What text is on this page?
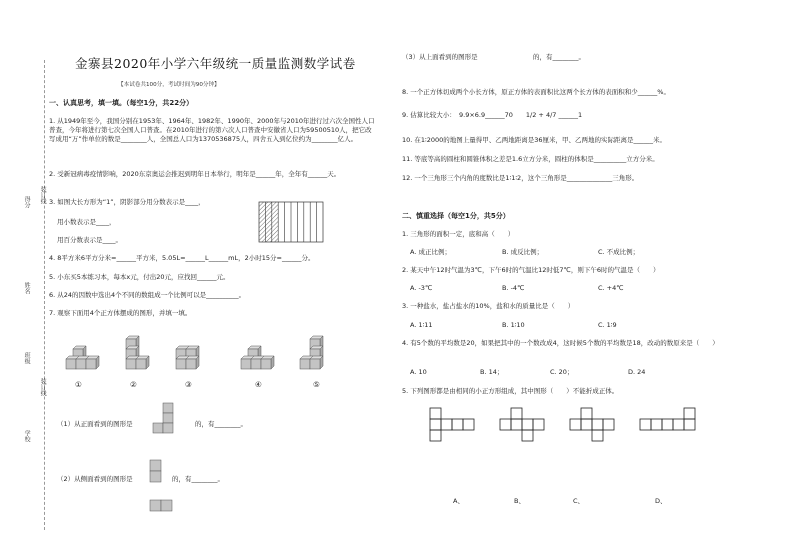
得分
姓名
班级
学校
装订线
装订线
金寨县2020年小学六年级统一质量监测数学试卷
【本试卷共100分，考试时间为90分钟】
一、认真思考，填一填。（每空1分，共22分）
1. 从1949年至今，我国分别在1953年、1964年、1982年、1990年、2000年与2010年进行过六次全国性人口普查，今年将进行第七次全国人口普查。在2010年进行的第六次人口普查中安徽省人口为59500510人，把它改写成用“万”作单位的数是________人，全国总人口为1370536875人，四舍五入到亿位约为________亿人。
2. 受新冠病毒疫情影响，2020东京奥运会推迟到明年日本举行，明年是______年，全年有______天。
3. 如图大长方形为“1”，阴影部分用分数表示是____，
用小数表示是____，
用百分数表示是____。
4. 8平方米6平方分米=______平方米，5.05L=______L______mL，2小时15分=______分。
5. 小东买5本练习本，每本x元，付出20元，应找回______元。
6. 从24的因数中选出4个不同的数组成一个比例可以是__________。
7. 观察下面用4个正方体摆成的图形，并填一填。
①	②	③	④	⑤
（1）从正面看到的图形是	的，有________。
（2）从侧面看到的图形是	的，有________。
（3）从上面看到的图形是	的，有________。
8. 一个正方体切成两个小长方体，原正方体的表面积比这两个长方体的表面积和少______%。
9. 估算比较大小：　9.9×6.9______70　　1/2 + 4/7 ______1
10. 在1∶2000的地图上量得甲、乙两地距离是36厘米，甲、乙两地的实际距离是______米。
11. 等底等高的圆柱和圆锥体积之差是1.6立方分米，圆柱的体积是__________立方分米。
12. 一个三角形三个内角的度数比是1∶1∶2，这个三角形是______________三角形。
二、慎重选择（每空1分，共5分）
1. 三角形的面积一定，底和高（　　）
A. 成正比例；	B. 成反比例；	C. 不成比例；
2. 某天中午12时气温为3℃，下午6时的气温比12时低7℃，则下午6时的气温是（　　）
A. -3℃	B. -4℃	C. +4℃
3. 一种盐水，盐占盐水的10%，盐和水的质量比是（　　）
A. 1∶11	B. 1∶10	C. 1∶9
4. 有5个数的平均数是20，如果把其中的一个数改成4，这时候5个数的平均数是18，改动的数原来是（　　）
A. 10	B. 14；	C. 20；	D. 24
5. 下列图形都是由相同的小正方形组成，其中图形（　　）不能折成正体。
A、	B、	C、	D、
